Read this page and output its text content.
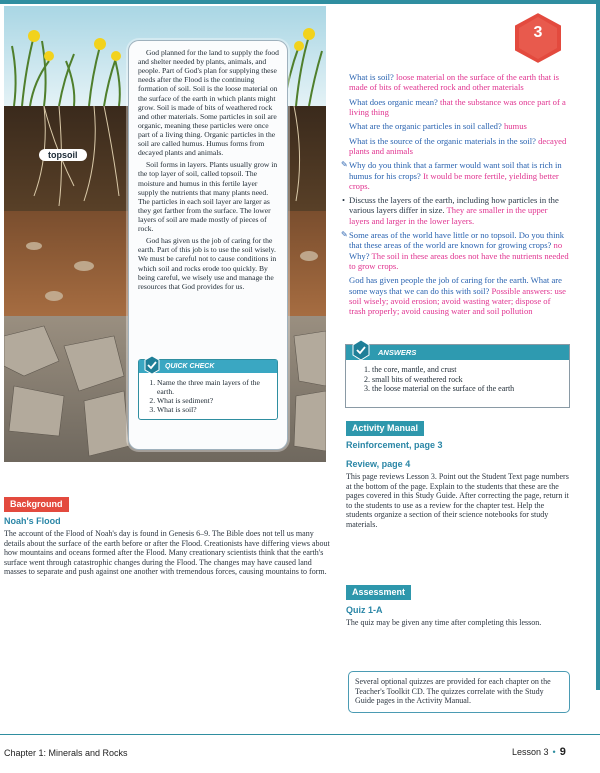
topsoil

God planned for the land to supply the food and shelter needed by plants, animals, and people. Part of God's plan for supplying these needs after the Flood is the continuing formation of soil. Soil is the loose material on the surface of the earth in which plants might grow. Soil is made of bits of weathered rock and other materials. Some particles in soil are organic, meaning these particles were once part of a living thing. Organic particles in the soil are called humus. Humus forms from decayed plants and animals.

Soil forms in layers. Plants usually grow in the top layer of soil, called topsoil. The moisture and humus in this fertile layer supply the nutrients that many plants need. The particles in each soil layer are larger as they get farther from the surface. The lower layers of soil are made mostly of pieces of rock.

God has given us the job of caring for the earth. Part of this job is to use the soil wisely. We must be careful not to cause conditions in which soil and rocks erode too quickly. By being careful, we wisely use and manage the resources that God provides for us.

QUICK CHECK
1. Name the three main layers of the earth.
2. What is sediment?
3. What is soil?
3
What is soil? loose material on the surface of the earth that is made of bits of weathered rock and other materials
What does organic mean? that the substance was once part of a living thing
What are the organic particles in soil called? humus
What is the source of the organic materials in the soil? decayed plants and animals
✎ Why do you think that a farmer would want soil that is rich in humus for his crops? It would be more fertile, yielding better crops.
• Discuss the layers of the earth, including how particles in the various layers differ in size. They are smaller in the upper layers and larger in the lower layers.
✎ Some areas of the world have little or no topsoil. Do you think that these areas of the world are known for growing crops? no Why? The soil in these areas does not have the nutrients needed to grow crops.
God has given people the job of caring for the earth. What are some ways that we can do this with soil? Possible answers: use soil wisely; avoid erosion; avoid wasting water; dispose of trash properly; avoid causing water and soil pollution
ANSWERS
1. the core, mantle, and crust
2. small bits of weathered rock
3. the loose material on the surface of the earth
Activity Manual
Reinforcement, page 3
Review, page 4
This page reviews Lesson 3. Point out the Student Text page numbers at the bottom of the page. Explain to the students that these are the pages covered in this Study Guide. After correcting the page, return it to the students to use as a review for the chapter test. Help the students organize a section of their science notebooks for study materials.
Assessment
Quiz 1-A
The quiz may be given any time after completing this lesson.
Several optional quizzes are provided for each chapter on the Teacher's Toolkit CD. The quizzes correlate with the Study Guide pages in the Activity Manual.
Background
Noah's Flood
The account of the Flood of Noah's day is found in Genesis 6–9. The Bible does not tell us many details about the surface of the earth before or after the Flood. Creationists have differing views about how mountains and oceans formed after the Flood. Many creationary scientists think that the earth's surface went through catastrophic changes during the Flood. The changes may have caused land masses to separate and push against one another with tremendous forces, causing mountains to form.
Chapter 1: Minerals and Rocks	Lesson 3 • 9
